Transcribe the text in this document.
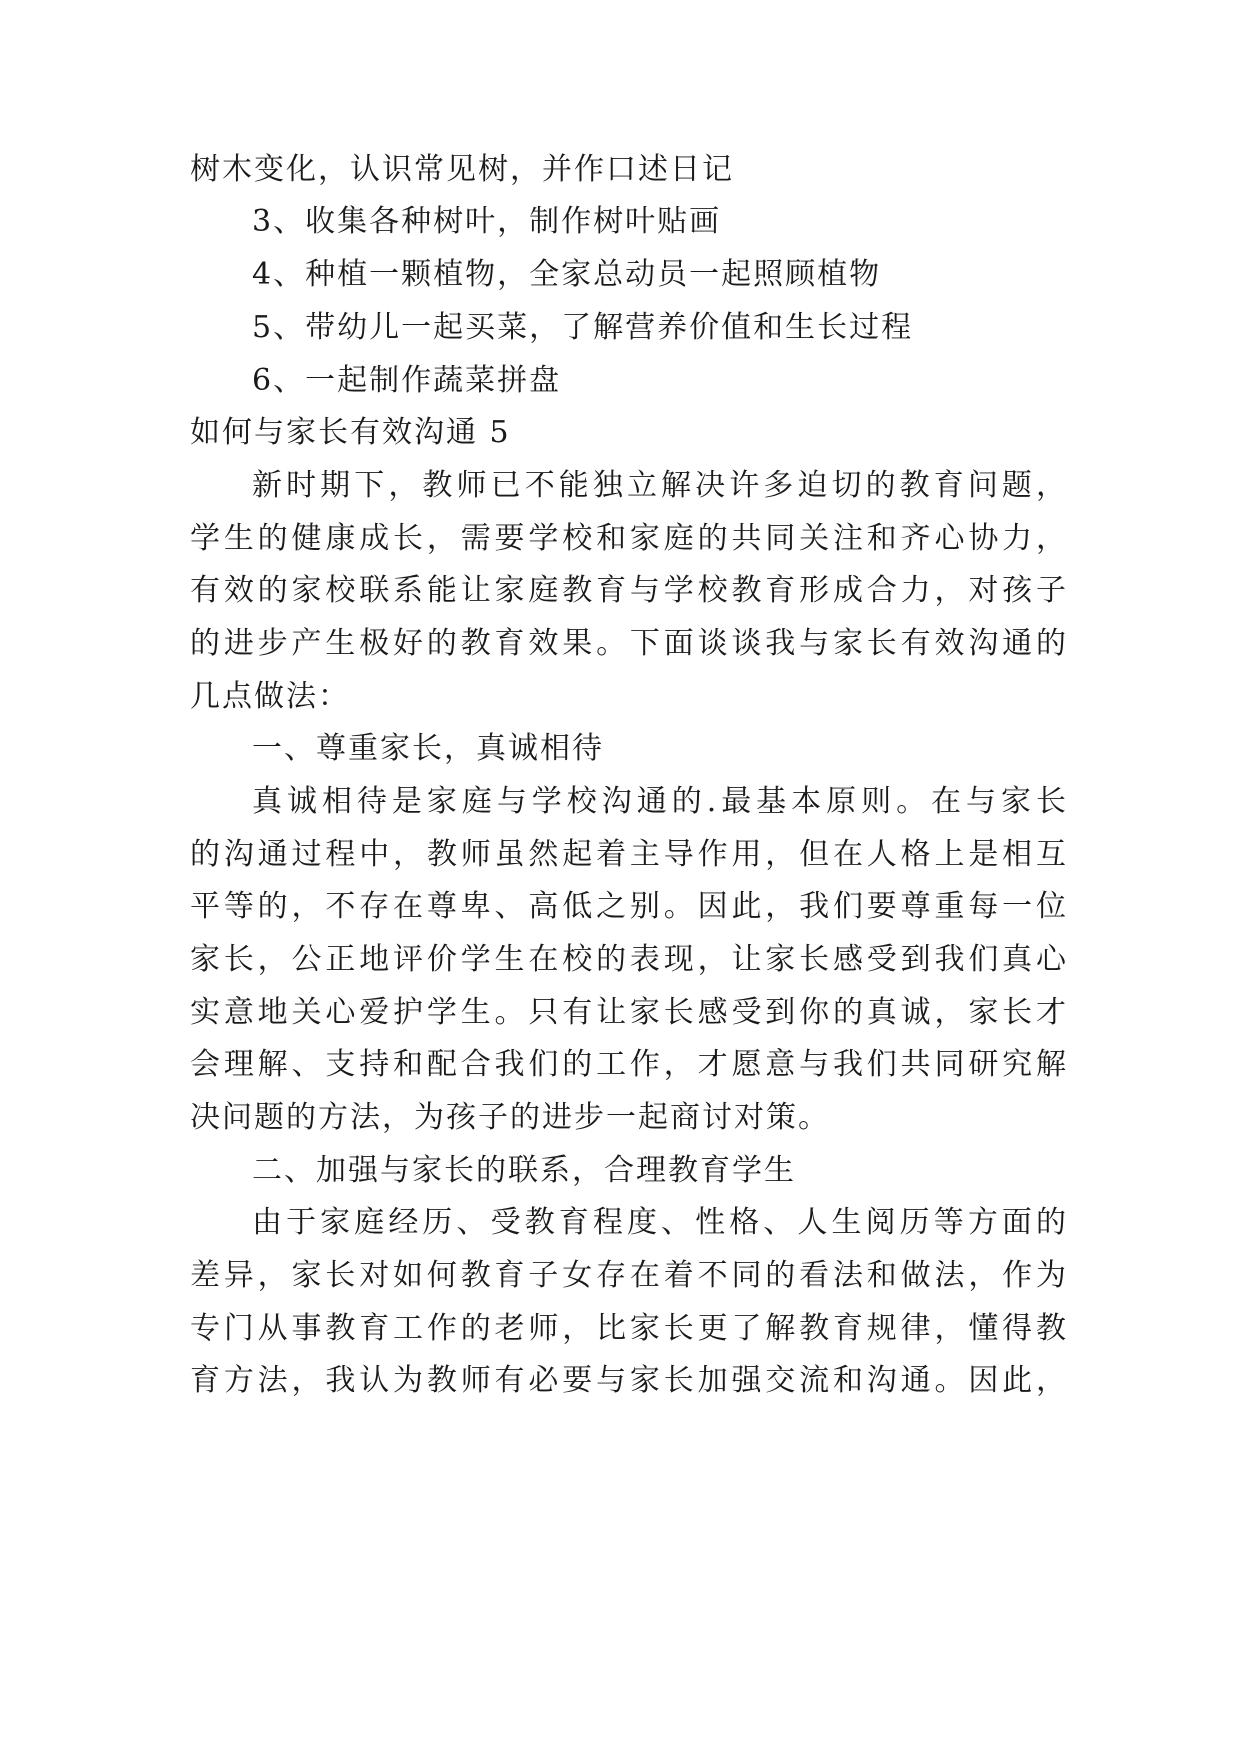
树木变化，认识常见树，并作口述日记
3、收集各种树叶，制作树叶贴画
4、种植一颗植物，全家总动员一起照顾植物
5、带幼儿一起买菜，了解营养价值和生长过程
6、一起制作蔬菜拼盘
如何与家长有效沟通 5
新时期下，教师已不能独立解决许多迫切的教育问题，
学生的健康成长，需要学校和家庭的共同关注和齐心协力，
有效的家校联系能让家庭教育与学校教育形成合力，对孩子
的进步产生极好的教育效果。下面谈谈我与家长有效沟通的
几点做法：
一、尊重家长，真诚相待
真诚相待是家庭与学校沟通的.最基本原则。在与家长
的沟通过程中，教师虽然起着主导作用，但在人格上是相互
平等的，不存在尊卑、高低之别。因此，我们要尊重每一位
家长，公正地评价学生在校的表现，让家长感受到我们真心
实意地关心爱护学生。只有让家长感受到你的真诚，家长才
会理解、支持和配合我们的工作，才愿意与我们共同研究解
决问题的方法，为孩子的进步一起商讨对策。
二、加强与家长的联系，合理教育学生
由于家庭经历、受教育程度、性格、人生阅历等方面的
差异，家长对如何教育子女存在着不同的看法和做法，作为
专门从事教育工作的老师，比家长更了解教育规律，懂得教
育方法，我认为教师有必要与家长加强交流和沟通。因此，
